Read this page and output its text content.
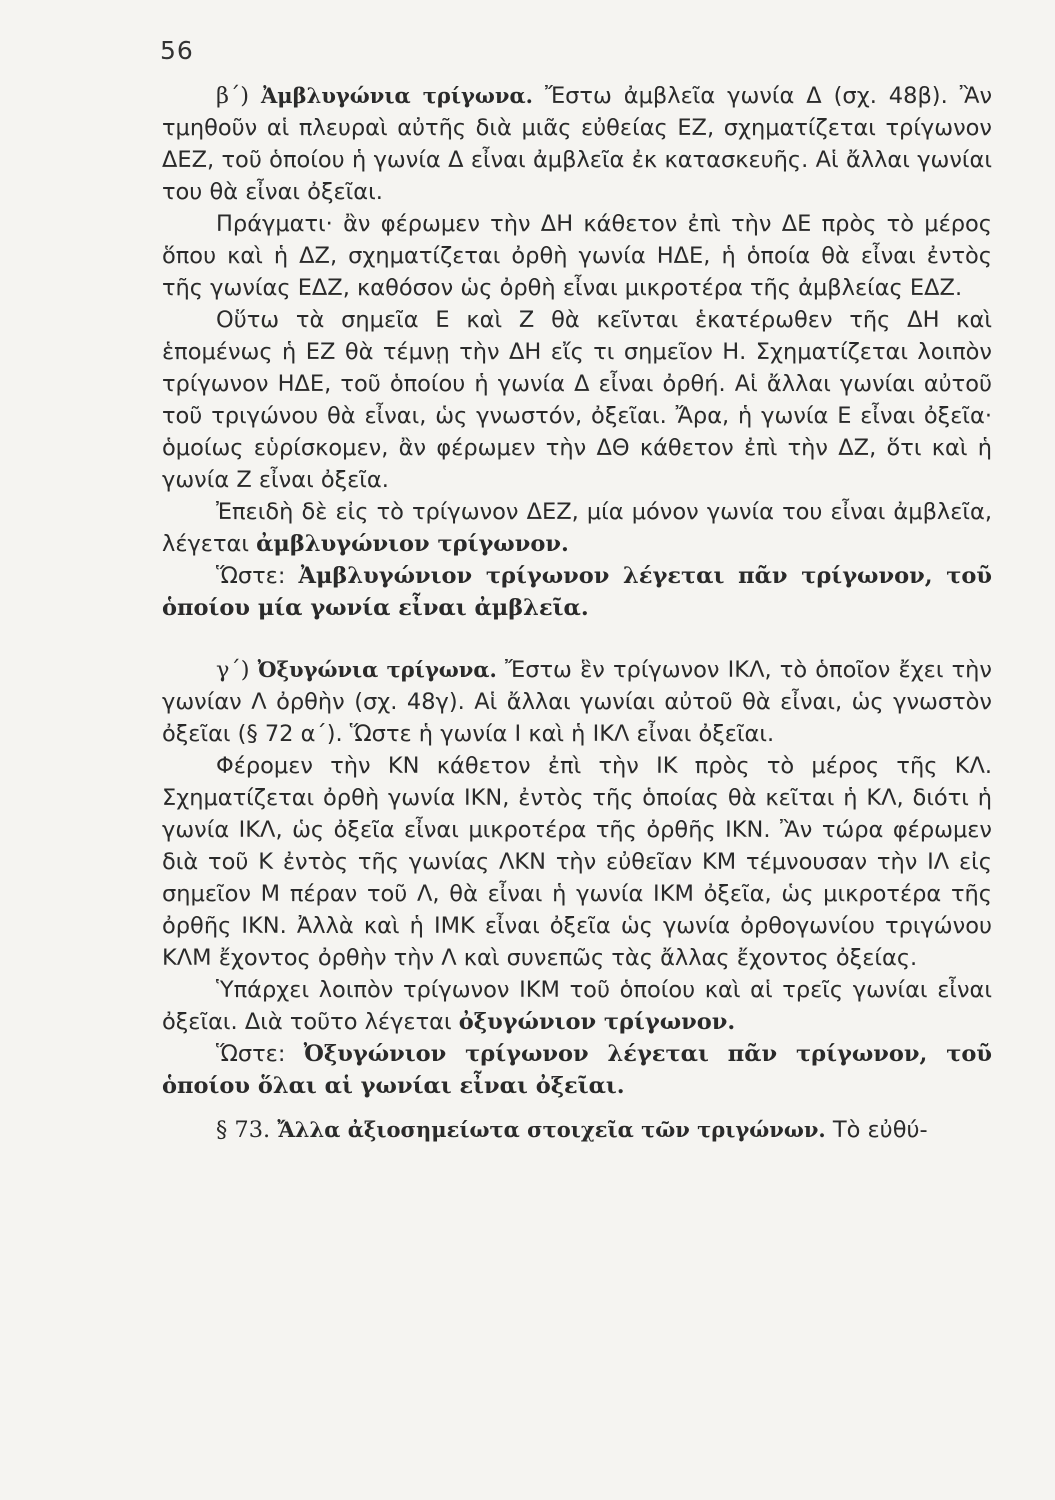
56

β΄) Ἀμβλυγώνια τρίγωνα. Ἔστω ἀμβλεῖα γωνία Δ (σχ. 48β). Ἂν τμηθοῦν αἱ πλευραὶ αὐτῆς διὰ μιᾶς εὐθείας ΕΖ, σχηματίζεται τρίγωνον ΔΕΖ, τοῦ ὁποίου ἡ γωνία Δ εἶναι ἀμβλεῖα ἐκ κατασκευῆς. Αἱ ἄλλαι γωνίαι του θὰ εἶναι ὀξεῖαι.

Πράγματι· ἂν φέρωμεν τὴν ΔΗ κάθετον ἐπὶ τὴν ΔΕ πρὸς τὸ μέρος ὅπου καὶ ἡ ΔΖ, σχηματίζεται ὀρθὴ γωνία ΗΔΕ, ἡ ὁποία θὰ εἶναι ἐντὸς τῆς γωνίας ΕΔΖ, καθόσον ὡς ὀρθὴ εἶναι μικροτέρα τῆς ἀμβλείας ΕΔΖ.

Οὕτω τὰ σημεῖα Ε καὶ Ζ θὰ κεῖνται ἑκατέρωθεν τῆς ΔΗ καὶ ἑπομένως ἡ ΕΖ θὰ τέμνῃ τὴν ΔΗ εἴς τι σημεῖον Η. Σχηματίζεται λοιπὸν τρίγωνον ΗΔΕ, τοῦ ὁποίου ἡ γωνία Δ εἶναι ὀρθή. Αἱ ἄλλαι γωνίαι αὐτοῦ τοῦ τριγώνου θὰ εἶναι, ὡς γνωστόν, ὀξεῖαι. Ἄρα, ἡ γωνία Ε εἶναι ὀξεῖα· ὁμοίως εὑρίσκομεν, ἂν φέρωμεν τὴν ΔΘ κάθετον ἐπὶ τὴν ΔΖ, ὅτι καὶ ἡ γωνία Ζ εἶναι ὀξεῖα.

Ἐπειδὴ δὲ εἰς τὸ τρίγωνον ΔΕΖ, μία μόνον γωνία του εἶναι ἀμβλεῖα, λέγεται ἀμβλυγώνιον τρίγωνον.

Ὥστε: Ἀμβλυγώνιον τρίγωνον λέγεται πᾶν τρίγωνον, τοῦ ὁποίου μία γωνία εἶναι ἀμβλεῖα.

γ΄) Ὀξυγώνια τρίγωνα. Ἔστω ἓν τρίγωνον ΙΚΛ, τὸ ὁποῖον ἔχει τὴν γωνίαν Λ ὀρθὴν (σχ. 48γ). Αἱ ἄλλαι γωνίαι αὐτοῦ θὰ εἶναι, ὡς γνωστὸν ὀξεῖαι (§ 72 α΄). Ὥστε ἡ γωνία Ι καὶ ἡ ΙΚΛ εἶναι ὀξεῖαι.

Φέρομεν τὴν ΚΝ κάθετον ἐπὶ τὴν ΙΚ πρὸς τὸ μέρος τῆς ΚΛ. Σχηματίζεται ὀρθὴ γωνία ΙΚΝ, ἐντὸς τῆς ὁποίας θὰ κεῖται ἡ ΚΛ, διότι ἡ γωνία ΙΚΛ, ὡς ὀξεῖα εἶναι μικροτέρα τῆς ὀρθῆς ΙΚΝ. Ἂν τώρα φέρωμεν διὰ τοῦ Κ ἐντὸς τῆς γωνίας ΛΚΝ τὴν εὐθεῖαν ΚΜ τέμνουσαν τὴν ΙΛ εἰς σημεῖον Μ πέραν τοῦ Λ, θὰ εἶναι ἡ γωνία ΙΚΜ ὀξεῖα, ὡς μικροτέρα τῆς ὀρθῆς ΙΚΝ. Ἀλλὰ καὶ ἡ ΙΜΚ εἶναι ὀξεῖα ὡς γωνία ὀρθογωνίου τριγώνου ΚΛΜ ἔχοντος ὀρθὴν τὴν Λ καὶ συνεπῶς τὰς ἄλλας ἔχοντος ὀξείας.

Ὑπάρχει λοιπὸν τρίγωνον ΙΚΜ τοῦ ὁποίου καὶ αἱ τρεῖς γωνίαι εἶναι ὀξεῖαι. Διὰ τοῦτο λέγεται ὀξυγώνιον τρίγωνον.

Ὥστε: Ὀξυγώνιον τρίγωνον λέγεται πᾶν τρίγωνον, τοῦ ὁποίου ὅλαι αἱ γωνίαι εἶναι ὀξεῖαι.

§ 73. Ἄλλα ἀξιοσημείωτα στοιχεῖα τῶν τριγώνων. Τὸ εὐθύ-
